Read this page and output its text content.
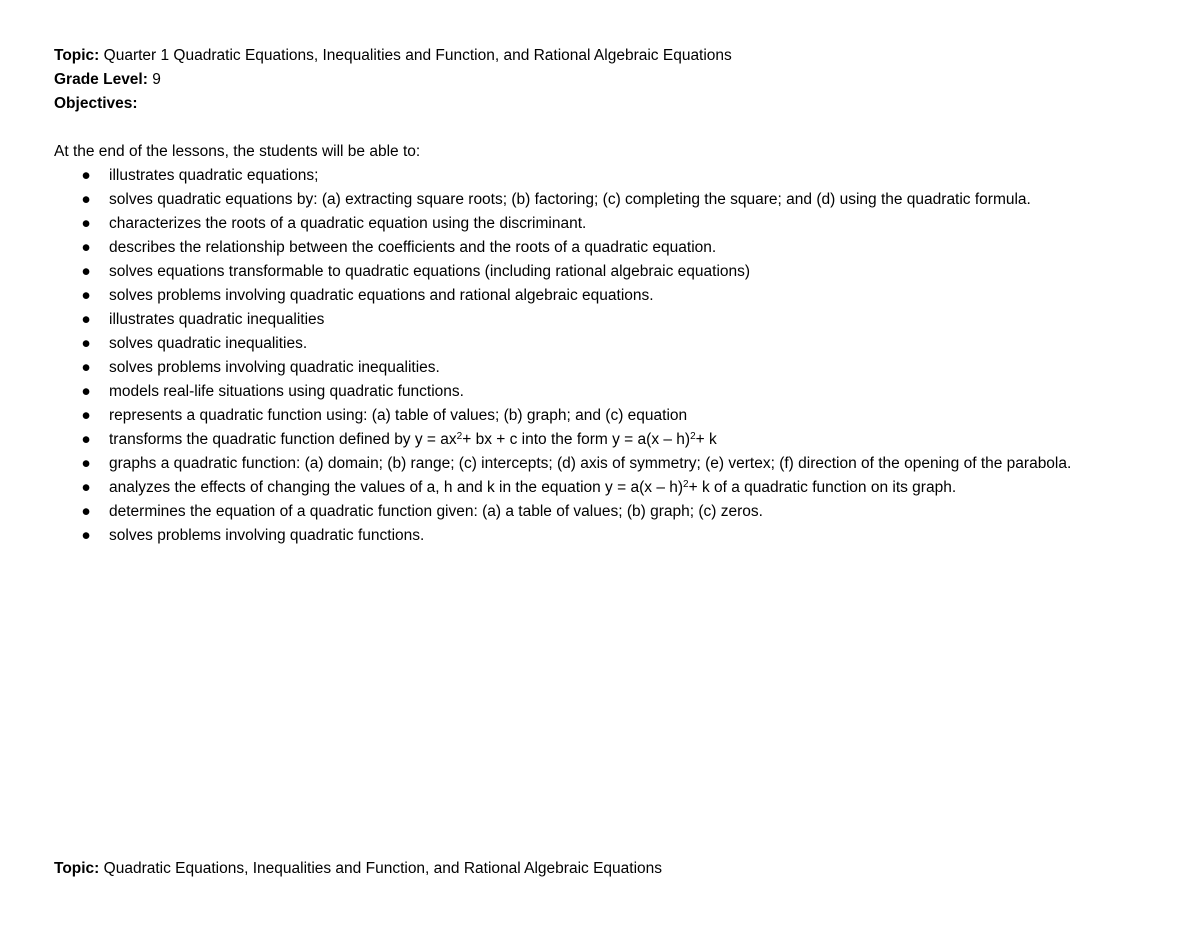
Topic: Quarter 1 Quadratic Equations, Inequalities and Function, and Rational Algebraic Equations
Grade Level: 9
Objectives:
At the end of the lessons, the students will be able to:
● illustrates quadratic equations;
● solves quadratic equations by: (a) extracting square roots; (b) factoring; (c) completing the square; and (d) using the quadratic formula.
● characterizes the roots of a quadratic equation using the discriminant.
● describes the relationship between the coefficients and the roots of a quadratic equation.
● solves equations transformable to quadratic equations (including rational algebraic equations)
● solves problems involving quadratic equations and rational algebraic equations.
● illustrates quadratic inequalities
● solves quadratic inequalities.
● solves problems involving quadratic inequalities.
● models real-life situations using quadratic functions.
● represents a quadratic function using: (a) table of values; (b) graph; and (c) equation
● transforms the quadratic function defined by $y = ax^2+$ bx + c into the form y = a(x – h)$^2$+ k
● graphs a quadratic function: (a) domain; (b) range; (c) intercepts; (d) axis of symmetry; (e) vertex; (f) direction of the opening of the parabola.
● analyzes the effects of changing the values of a, h and k in the equation y = a(x – h)$^2$+ k of a quadratic function on its graph.
● determines the equation of a quadratic function given: (a) a table of values; (b) graph; (c) zeros.
● solves problems involving quadratic functions.
Topic: Quadratic Equations, Inequalities and Function, and Rational Algebraic Equations
